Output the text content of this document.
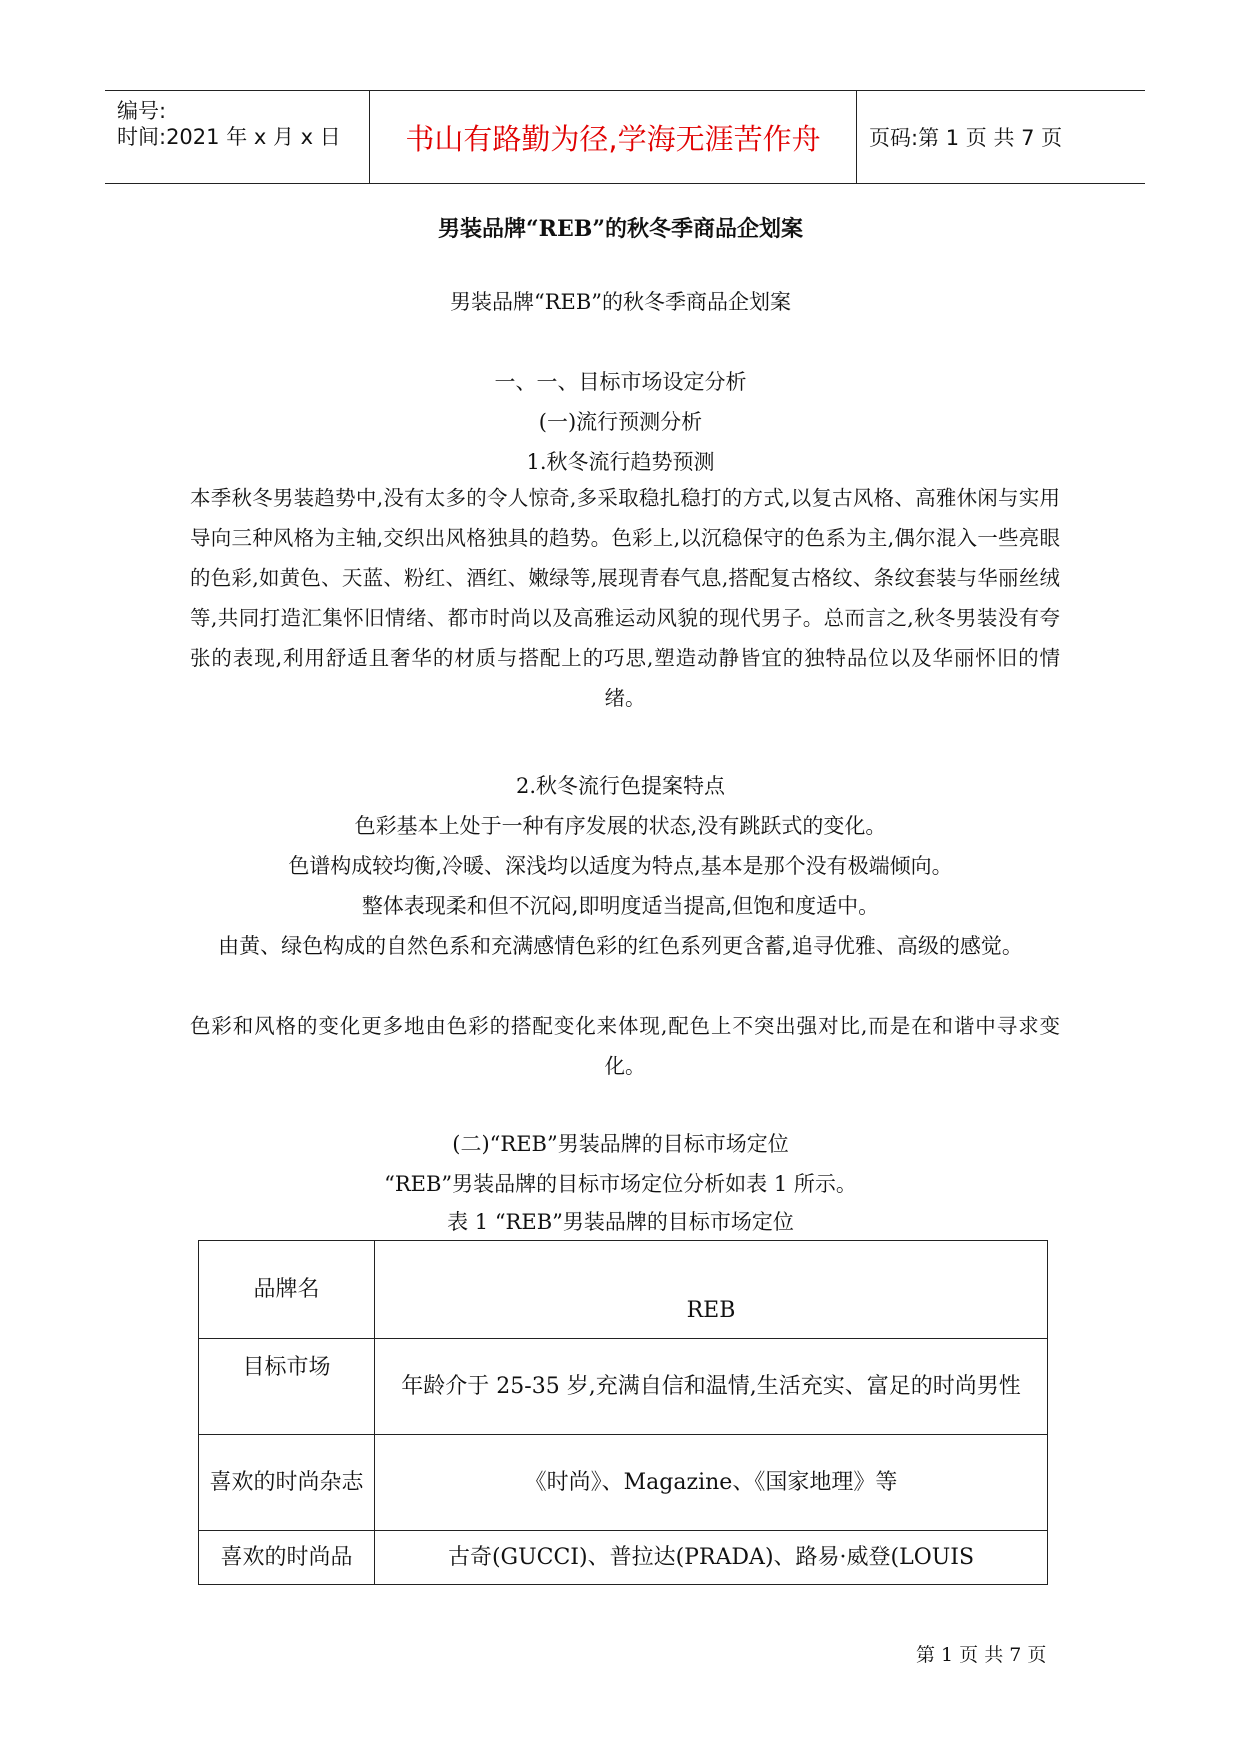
编号:
时间:2021 年 x 月 x 日	书山有路勤为径,学海无涯苦作舟	页码:第 1 页 共 7 页
男装品牌“REB”的秋冬季商品企划案
男装品牌“REB”的秋冬季商品企划案
一、一、目标市场设定分析
(一)流行预测分析
1.秋冬流行趋势预测
本季秋冬男装趋势中,没有太多的令人惊奇,多采取稳扎稳打的方式,以复古风格、高雅休闲与实用导向三种风格为主轴,交织出风格独具的趋势。色彩上,以沉稳保守的色系为主,偶尔混入一些亮眼的色彩,如黄色、天蓝、粉红、酒红、嫩绿等,展现青春气息,搭配复古格纹、条纹套装与华丽丝绒等,共同打造汇集怀旧情绪、都市时尚以及高雅运动风貌的现代男子。总而言之,秋冬男装没有夸张的表现,利用舒适且奢华的材质与搭配上的巧思,塑造动静皆宜的独特品位以及华丽怀旧的情绪。
2.秋冬流行色提案特点
色彩基本上处于一种有序发展的状态,没有跳跃式的变化。
色谱构成较均衡,冷暖、深浅均以适度为特点,基本是那个没有极端倾向。
整体表现柔和但不沉闷,即明度适当提高,但饱和度适中。
由黄、绿色构成的自然色系和充满感情色彩的红色系列更含蓄,追寻优雅、高级的感觉。
色彩和风格的变化更多地由色彩的搭配变化来体现,配色上不突出强对比,而是在和谐中寻求变化。
(二)“REB”男装品牌的目标市场定位
“REB”男装品牌的目标市场定位分析如表 1 所示。
表 1 “REB”男装品牌的目标市场定位
品牌名	REB
目标市场	年龄介于 25-35 岁,充满自信和温情,生活充实、富足的时尚男性
喜欢的时尚杂志	《时尚》、Magazine、《国家地理》等
喜欢的时尚品	古奇(GUCCI)、普拉达(PRADA)、路易·威登(LOUIS
第 1 页 共 7 页
